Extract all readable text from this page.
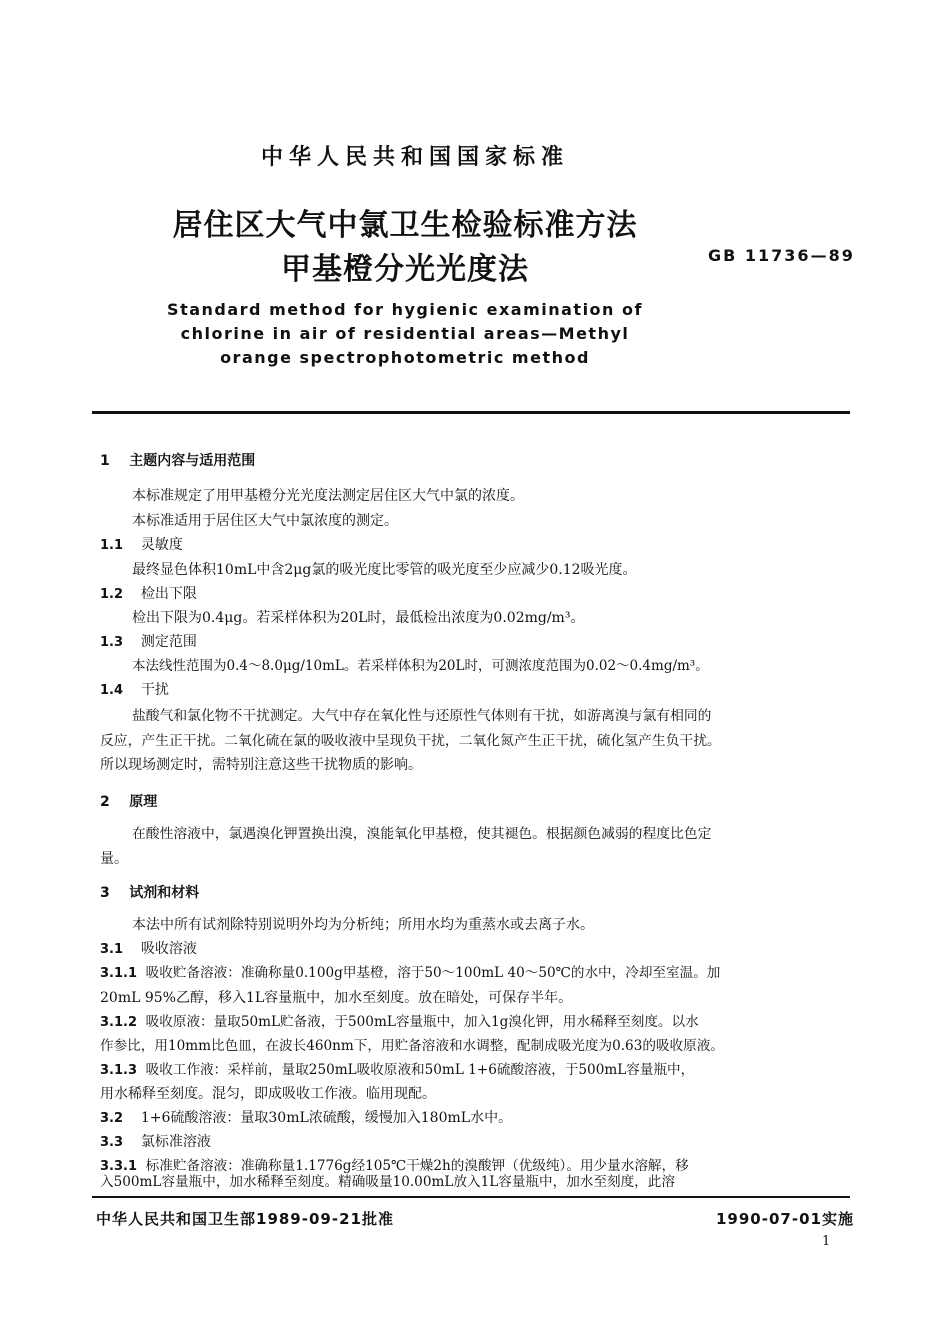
中华人民共和国国家标准
居住区大气中氯卫生检验标准方法
甲基橙分光光度法	GB 11736—89
Standard method for hygienic examination of
chlorine in air of residential areas—Methyl
orange spectrophotometric method
1 主题内容与适用范围
本标准规定了用甲基橙分光光度法测定居住区大气中氯的浓度。
本标准适用于居住区大气中氯浓度的测定。
1.1 灵敏度
最终显色体积10mL中含2μg氯的吸光度比零管的吸光度至少应减少0.12吸光度。
1.2 检出下限
检出下限为0.4μg。若采样体积为20L时，最低检出浓度为0.02mg/m³。
1.3 测定范围
本法线性范围为0.4～8.0μg/10mL。若采样体积为20L时，可测浓度范围为0.02～0.4mg/m³。
1.4 干扰
盐酸气和氯化物不干扰测定。大气中存在氧化性与还原性气体则有干扰，如游离溴与氯有相同的
反应，产生正干扰。二氧化硫在氯的吸收液中呈现负干扰，二氧化氮产生正干扰，硫化氢产生负干扰。
所以现场测定时，需特别注意这些干扰物质的影响。
2 原理
在酸性溶液中，氯遇溴化钾置换出溴，溴能氧化甲基橙，使其褪色。根据颜色减弱的程度比色定
量。
3 试剂和材料
本法中所有试剂除特别说明外均为分析纯；所用水均为重蒸水或去离子水。
3.1 吸收溶液
3.1.1 吸收贮备溶液：准确称量0.100g甲基橙，溶于50～100mL 40～50℃的水中，冷却至室温。加
20mL 95%乙醇，移入1L容量瓶中，加水至刻度。放在暗处，可保存半年。
3.1.2 吸收原液：量取50mL贮备液，于500mL容量瓶中，加入1g溴化钾，用水稀释至刻度。以水
作参比，用10mm比色皿，在波长460nm下，用贮备溶液和水调整，配制成吸光度为0.63的吸收原液。
3.1.3 吸收工作液：采样前，量取250mL吸收原液和50mL 1+6硫酸溶液，于500mL容量瓶中，
用水稀释至刻度。混匀，即成吸收工作液。临用现配。
3.2 1+6硫酸溶液：量取30mL浓硫酸，缓慢加入180mL水中。
3.3 氯标准溶液
3.3.1 标准贮备溶液：准确称量1.1776g经105℃干燥2h的溴酸钾（优级纯）。用少量水溶解，移
入500mL容量瓶中，加水稀释至刻度。精确吸量10.00mL放入1L容量瓶中，加水至刻度，此溶
中华人民共和国卫生部1989-09-21批准	1990-07-01实施
1
